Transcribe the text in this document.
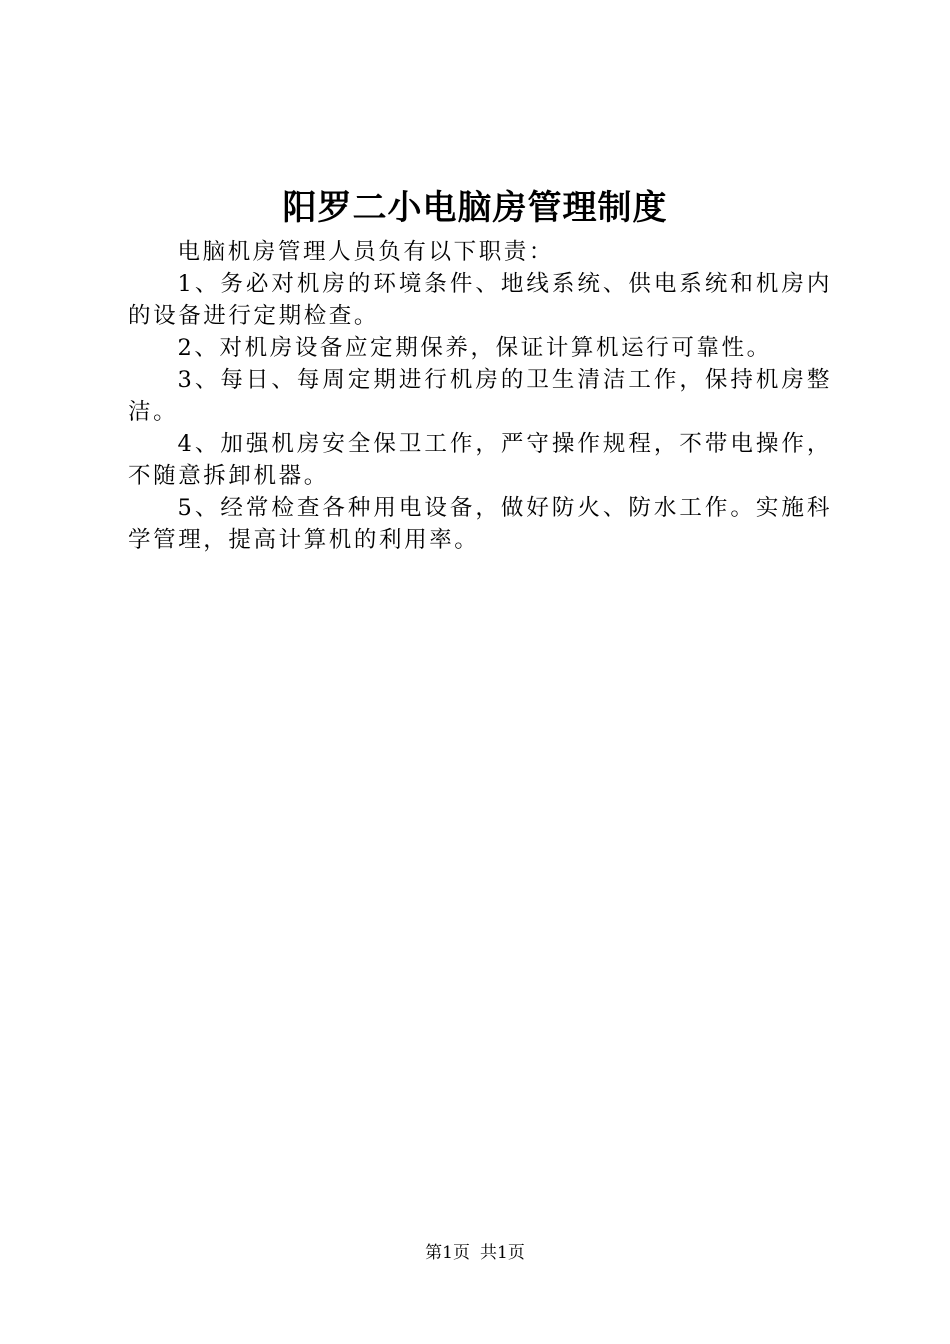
阳罗二小电脑房管理制度

电脑机房管理人员负有以下职责：

1、务必对机房的环境条件、地线系统、供电系统和机房内的设备进行定期检查。

2、对机房设备应定期保养，保证计算机运行可靠性。

3、每日、每周定期进行机房的卫生清洁工作，保持机房整洁。

4、加强机房安全保卫工作，严守操作规程，不带电操作，不随意拆卸机器。

5、经常检查各种用电设备，做好防火、防水工作。实施科学管理，提高计算机的利用率。

第1页 共1页
